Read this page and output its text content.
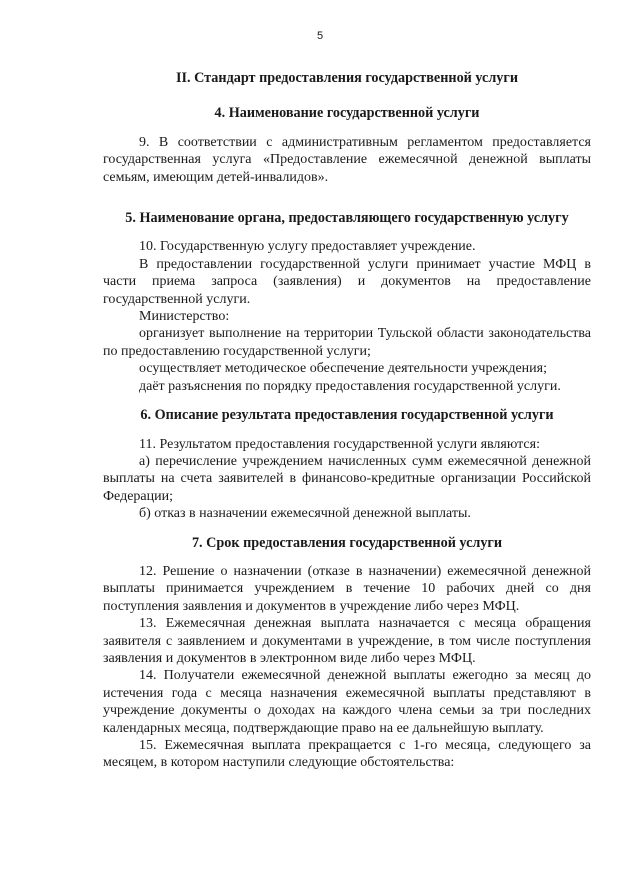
5
II. Стандарт предоставления государственной услуги
4. Наименование государственной услуги

9. В соответствии с административным регламентом предоставляется государственная услуга «Предоставление ежемесячной денежной выплаты семьям, имеющим детей-инвалидов».

5. Наименование органа, предоставляющего государственную услугу

10. Государственную услугу предоставляет учреждение.

В предоставлении государственной услуги принимает участие МФЦ в части приема запроса (заявления) и документов на предоставление государственной услуги.

Министерство:

организует выполнение на территории Тульской области законодательства по предоставлению государственной услуги;

осуществляет методическое обеспечение деятельности учреждения;

даёт разъяснения по порядку предоставления государственной услуги.

6. Описание результата предоставления государственной услуги

11. Результатом предоставления государственной услуги являются:

а) перечисление учреждением начисленных сумм ежемесячной денежной выплаты на счета заявителей в финансово-кредитные организации Российской Федерации;

б) отказ в назначении ежемесячной денежной выплаты.

7. Срок предоставления государственной услуги

12. Решение о назначении (отказе в назначении) ежемесячной денежной выплаты принимается учреждением в течение 10 рабочих дней со дня поступления заявления и документов в учреждение либо через МФЦ.

13. Ежемесячная денежная выплата назначается с месяца обращения заявителя с заявлением и документами в учреждение, в том числе поступления заявления и документов в электронном виде либо через МФЦ.

14. Получатели ежемесячной денежной выплаты ежегодно за месяц до истечения года с месяца назначения ежемесячной выплаты представляют в учреждение документы о доходах на каждого члена семьи за три последних календарных месяца, подтверждающие право на ее дальнейшую выплату.

15. Ежемесячная выплата прекращается с 1-го месяца, следующего за месяцем, в котором наступили следующие обстоятельства:
